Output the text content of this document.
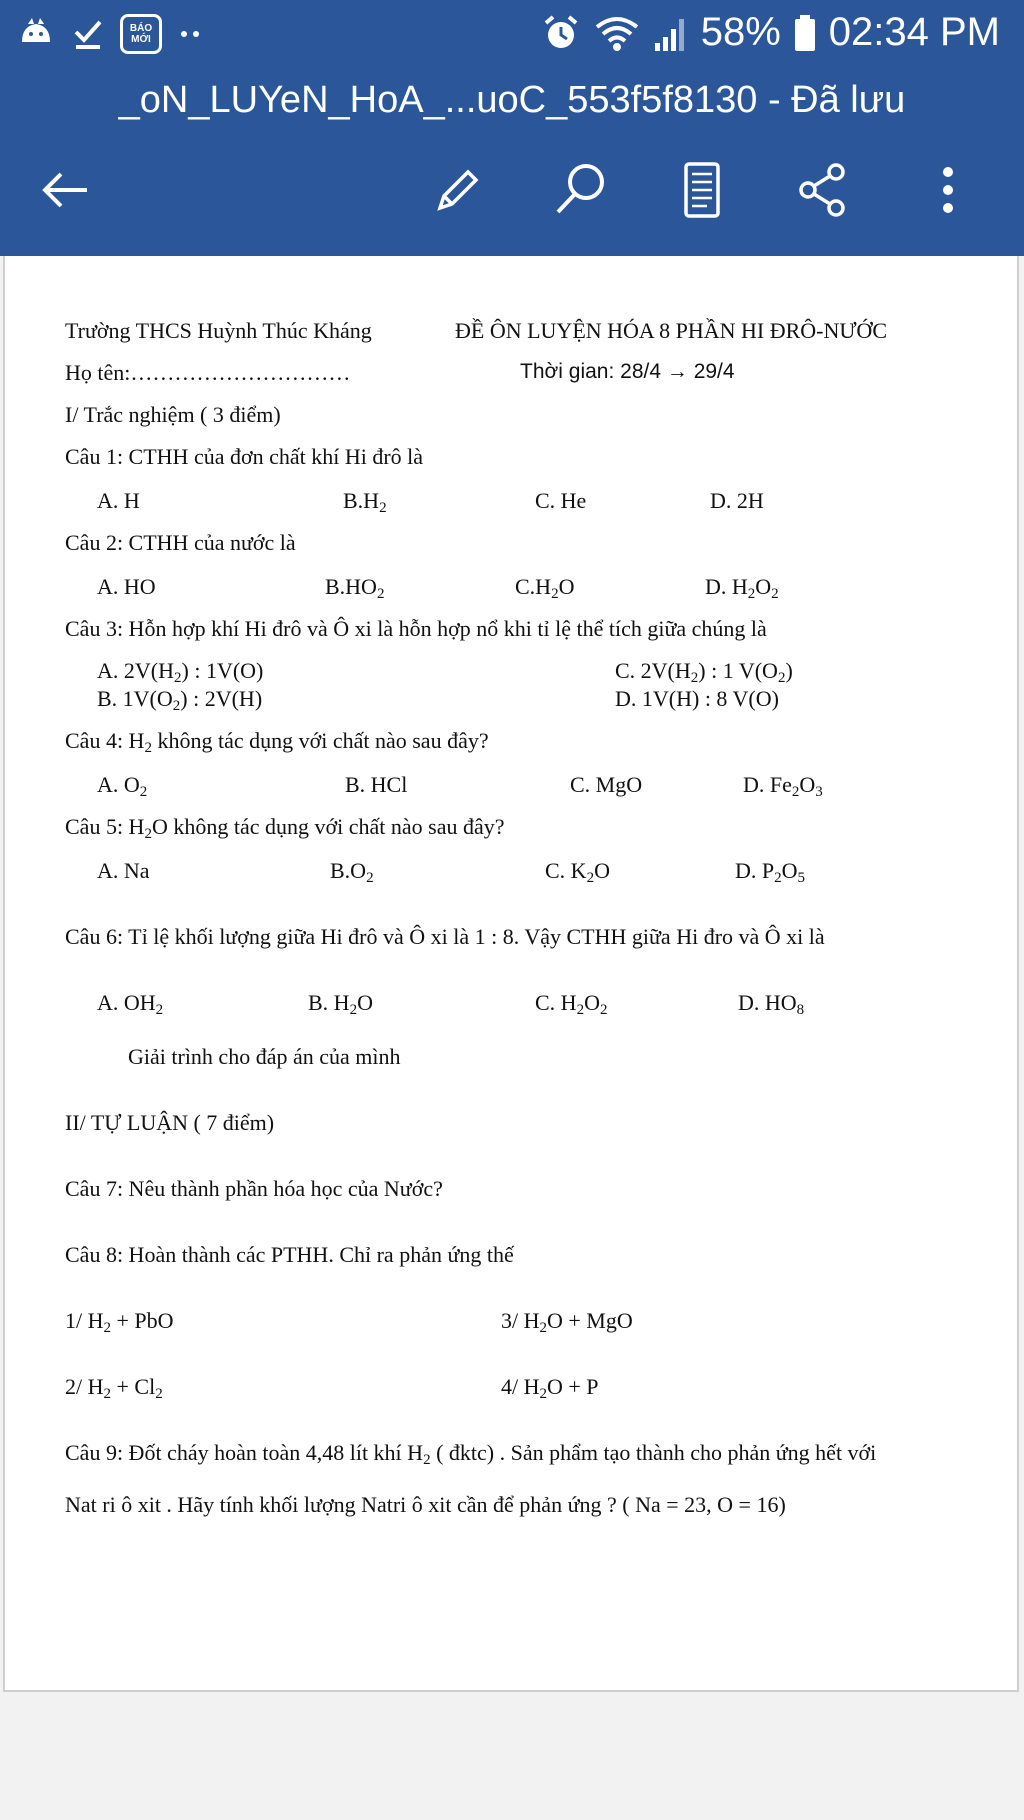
BÁO MỚI	58% 02:34 PM
_oN_LUYeN_HoA_...uoC_553f5f8130 - Đã lưu
Trường THCS Huỳnh Thúc Kháng	ĐỀ ÔN LUYỆN HÓA 8 PHẦN HI ĐRÔ-NƯỚC
Họ tên:…………………………	Thời gian: 28/4 → 29/4
I/ Trắc nghiệm ( 3 điểm)
Câu 1: CTHH của đơn chất khí Hi đrô là
A. H	$B.H_2$	C. He	D. 2H
Câu 2: CTHH của nước là
A. HO	$B.HO_2$	$C.H_2O$	D. $H_2O_2$
Câu 3: Hỗn hợp khí Hi đrô và Ô xi là hỗn hợp nổ khi tỉ lệ thể tích giữa chúng là
A. $2V(H_2)$ : 1V(O)	C. $2V(H_2)$ : 1 $V(O_2)$
B. $1V(O_2)$ : 2V(H)	D. 1V(H) : 8 V(O)
Câu 4: $H_2$ không tác dụng với chất nào sau đây?
A. $O_2$	B. HCl	C. MgO	D. $Fe_2O_3$
Câu 5: $H_2O$ không tác dụng với chất nào sau đây?
A. Na	$B.O_2$	C. $K_2O$	D. $P_2O_5$
Câu 6: Tỉ lệ khối lượng giữa Hi đrô và Ô xi là 1 : 8. Vậy CTHH giữa Hi đro và Ô xi là
A. $OH_2$	B. $H_2O$	C. $H_2O_2$	D. $HO_8$
Giải trình cho đáp án của mình
II/ TỰ LUẬN ( 7 điểm)
Câu 7: Nêu thành phần hóa học của Nước?
Câu 8: Hoàn thành các PTHH. Chỉ ra phản ứng thế
1/ $H_2$ + PbO	3/ $H_2O$ + MgO
2/ $H_2 + Cl_2$	4/ $H_2O + P$
Câu 9: Đốt cháy hoàn toàn 4,48 lít khí $H_2$ ( đktc) . Sản phẩm tạo thành cho phản ứng hết với
Nat ri ô xit . Hãy tính khối lượng Natri ô xit cần để phản ứng ? ( Na = 23, O = 16)
